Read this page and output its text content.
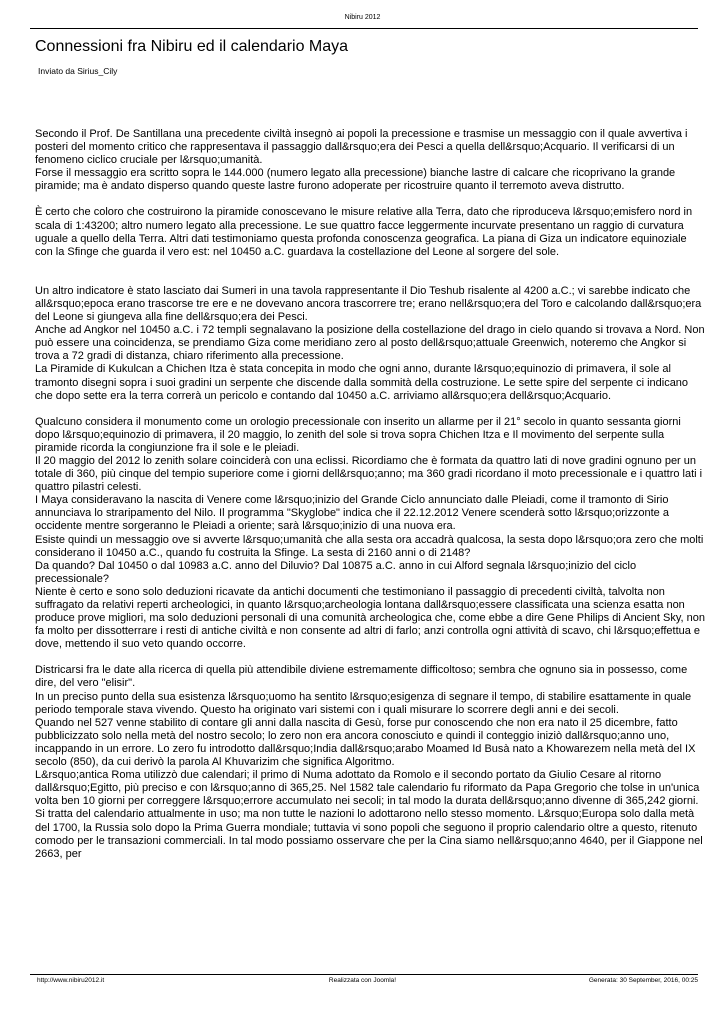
Nibiru 2012
Connessioni fra Nibiru ed il calendario Maya
Inviato da Sirius_Cily

Secondo il Prof. De Santillana una precedente civiltà insegnò ai popoli la precessione e trasmise un messaggio con il quale avvertiva i posteri del momento critico che rappresentava il passaggio dall&rsquo;era dei Pesci a quella dell&rsquo;Acquario. Il verificarsi di un fenomeno ciclico cruciale per l&rsquo;umanità.
Forse il messaggio era scritto sopra le 144.000 (numero legato alla precessione) bianche lastre di calcare che ricoprivano la grande piramide; ma è andato disperso quando queste lastre furono adoperate per ricostruire quanto il terremoto aveva distrutto.

È certo che coloro che costruirono la piramide conoscevano le misure relative alla Terra, dato che riproduceva l&rsquo;emisfero nord in scala di 1:43200; altro numero legato alla precessione. Le sue quattro facce leggermente incurvate presentano un raggio di curvatura uguale a quello della Terra. Altri dati testimoniamo questa profonda conoscenza geografica. La piana di Giza un indicatore equinoziale con la Sfinge che guarda il vero est: nel 10450 a.C. guardava la costellazione del Leone al sorgere del sole.

Un altro indicatore è stato lasciato dai Sumeri in una tavola rappresentante il Dio Teshub risalente al 4200 a.C.; vi sarebbe indicato che all&rsquo;epoca erano trascorse tre ere e ne dovevano ancora trascorrere tre; erano nell&rsquo;era del Toro e calcolando dall&rsquo;era del Leone si giungeva alla fine dell&rsquo;era dei Pesci.
Anche ad Angkor nel 10450 a.C. i 72 templi segnalavano la posizione della costellazione del drago in cielo quando si trovava a Nord. Non può essere una coincidenza, se prendiamo Giza come meridiano zero al posto dell&rsquo;attuale Greenwich, noteremo che Angkor si trova a 72 gradi di distanza, chiaro riferimento alla precessione.
La Piramide di Kukulcan a Chichen Itza è stata concepita in modo che ogni anno, durante l&rsquo;equinozio di primavera, il sole al tramonto disegni sopra i suoi gradini un serpente che discende dalla sommità della costruzione. Le sette spire del serpente ci indicano che dopo sette era la terra correrà un pericolo e contando dal 10450 a.C. arriviamo all&rsquo;era dell&rsquo;Acquario.

Qualcuno considera il monumento come un orologio precessionale con inserito un allarme per il 21° secolo in quanto sessanta giorni dopo l&rsquo;equinozio di primavera, il 20 maggio, lo zenith del sole si trova sopra Chichen Itza e Il movimento del serpente sulla piramide ricorda la congiunzione fra il sole e le pleiadi.
Il 20 maggio del 2012 lo zenith solare coinciderà con una eclissi. Ricordiamo che è formata da quattro lati di nove gradini ognuno per un totale di 360, più cinque del tempio superiore come i giorni dell&rsquo;anno; ma 360 gradi ricordano il moto precessionale e i quattro lati i quattro pilastri celesti.
I Maya consideravano la nascita di Venere come l&rsquo;inizio del Grande Ciclo annunciato dalle Pleiadi, come il tramonto di Sirio annunciava lo straripamento del Nilo. Il programma "Skyglobe" indica che il 22.12.2012 Venere scenderà sotto l&rsquo;orizzonte a occidente mentre sorgeranno le Pleiadi a oriente; sarà l&rsquo;inizio di una nuova era.
Esiste quindi un messaggio ove si avverte l&rsquo;umanità che alla sesta ora accadrà qualcosa, la sesta dopo l&rsquo;ora zero che molti considerano il 10450 a.C., quando fu costruita la Sfinge. La sesta di 2160 anni o di 2148?
Da quando? Dal 10450 o dal 10983 a.C. anno del Diluvio? Dal 10875 a.C. anno in cui Alford segnala l&rsquo;inizio del ciclo precessionale?
Niente è certo e sono solo deduzioni ricavate da antichi documenti che testimoniano il passaggio di precedenti civiltà, talvolta non suffragato da relativi reperti archeologici, in quanto l&rsquo;archeologia lontana dall&rsquo;essere classificata una scienza esatta non produce prove migliori, ma solo deduzioni personali di una comunità archeologica che, come ebbe a dire Gene Philips di Ancient Sky, non fa molto per dissotterrare i resti di antiche civiltà e non consente ad altri di farlo; anzi controlla ogni attività di scavo, chi l&rsquo;effettua e dove, mettendo il suo veto quando occorre.

Districarsi fra le date alla ricerca di quella più attendibile diviene estremamente difficoltoso; sembra che ognuno sia in possesso, come dire, del vero "elisir".
In un preciso punto della sua esistenza l&rsquo;uomo ha sentito l&rsquo;esigenza di segnare il tempo, di stabilire esattamente in quale periodo temporale stava vivendo. Questo ha originato vari sistemi con i quali misurare lo scorrere degli anni e dei secoli.
Quando nel 527 venne stabilito di contare gli anni dalla nascita di Gesù, forse pur conoscendo che non era nato il 25 dicembre, fatto pubblicizzato solo nella metà del nostro secolo; lo zero non era ancora conosciuto e quindi il conteggio iniziò dall&rsquo;anno uno, incappando in un errore. Lo zero fu introdotto dall&rsquo;India dall&rsquo;arabo Moamed Id Busà nato a Khowarezem nella metà del IX secolo (850), da cui derivò la parola Al Khuvarizim che significa Algoritmo.
L&rsquo;antica Roma utilizzò due calendari; il primo di Numa adottato da Romolo e il secondo portato da Giulio Cesare al ritorno dall&rsquo;Egitto, più preciso e con l&rsquo;anno di 365,25. Nel 1582 tale calendario fu riformato da Papa Gregorio che tolse in un'unica volta ben 10 giorni per correggere l&rsquo;errore accumulato nei secoli; in tal modo la durata dell&rsquo;anno divenne di 365,242 giorni. Si tratta del calendario attualmente in uso; ma non tutte le nazioni lo adottarono nello stesso momento. L&rsquo;Europa solo dalla metà del 1700, la Russia solo dopo la Prima Guerra mondiale; tuttavia vi sono popoli che seguono il proprio calendario oltre a questo, ritenuto comodo per le transazioni commerciali. In tal modo possiamo osservare che per la Cina siamo nell&rsquo;anno 4640, per il Giappone nel 2663, per

http://www.nibiru2012.it	Realizzata con Joomla!	Generata: 30 September, 2016, 00:25
